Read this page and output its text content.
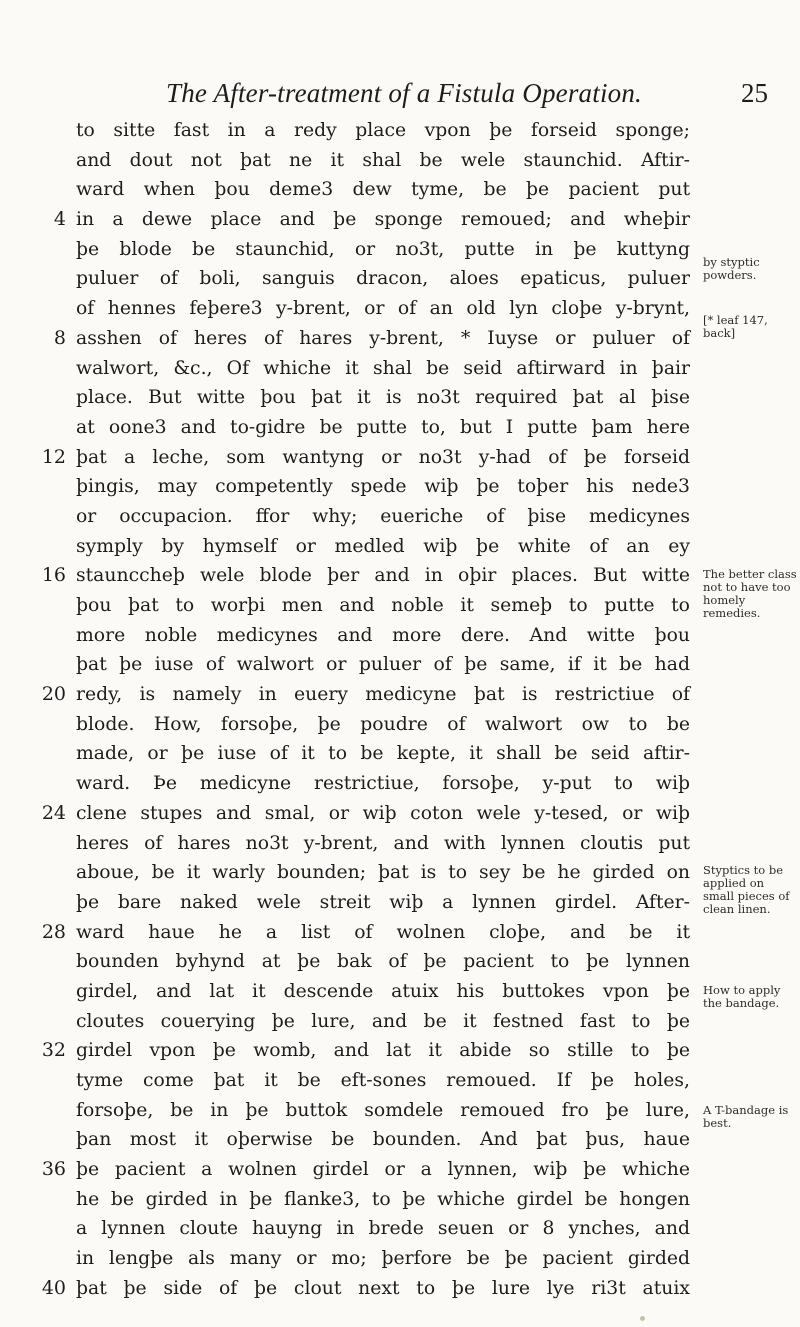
The After-treatment of a Fistula Operation.	25
to sitte fast in a redy place vpon þe forseid sponge;
and dout not þat ne it shal be wele staunchid. Aftir-
ward when þou deme3 dew tyme, be þe pacient put
4 in a dewe place and þe sponge remoued; and wheþir
þe blode be staunchid, or no3t, putte in þe kuttyng
puluer of boli, sanguis dracon, aloes epaticus, puluer
of hennes feþere3 y-brent, or of an old lyn cloþe y-brynt,
8 asshen of heres of hares y-brent, * Iuyse or puluer of
walwort, &c., Of whiche it shal be seid aftirward in þair
place. But witte þou þat it is no3t required þat al þise
at oone3 and to-gidre be putte to, but I putte þam here
12 þat a leche, som wantyng or no3t y-had of þe forseid
þingis, may competently spede wiþ þe toþer his nede3
or occupacion. ffor why; eueriche of þise medicynes
symply by hymself or medled wiþ þe white of an ey
16 staunccheþ wele blode þer and in oþir places. But witte
þou þat to worþi men and noble it semeþ to putte to
more noble medicynes and more dere. And witte þou
þat þe iuse of walwort or puluer of þe same, if it be had
20 redy, is namely in euery medicyne þat is restrictiue of
blode. How, forsoþe, þe poudre of walwort ow to be
made, or þe iuse of it to be kepte, it shall be seid aftir-
ward. Þe medicyne restrictiue, forsoþe, y-put to wiþ
24 clene stupes and smal, or wiþ coton wele y-tesed, or wiþ
heres of hares no3t y-brent, and with lynnen cloutis put
aboue, be it warly bounden; þat is to sey be he girded on
þe bare naked wele streit wiþ a lynnen girdel. After-
28 ward haue he a list of wolnen cloþe, and be it
bounden byhynd at þe bak of þe pacient to þe lynnen
girdel, and lat it descende atuix his buttokes vpon þe
cloutes couerying þe lure, and be it festned fast to þe
32 girdel vpon þe womb, and lat it abide so stille to þe
tyme come þat it be eft-sones remoued. If þe holes,
forsoþe, be in þe buttok somdele remoued fro þe lure,
þan most it oþerwise be bounden. And þat þus, haue
36 þe pacient a wolnen girdel or a lynnen, wiþ þe whiche
he be girded in þe flanke3, to þe whiche girdel be hongen
a lynnen cloute hauyng in brede seuen or 8 ynches, and
in lengþe als many or mo; þerfore be þe pacient girded
40 þat þe side of þe clout next to þe lure lye ri3t atuix
by styptic powders.
[* leaf 147, back]
The better class not to have too homely remedies.
Styptics to be applied on small pieces of clean linen.
How to apply the bandage.
A T-bandage is best.
